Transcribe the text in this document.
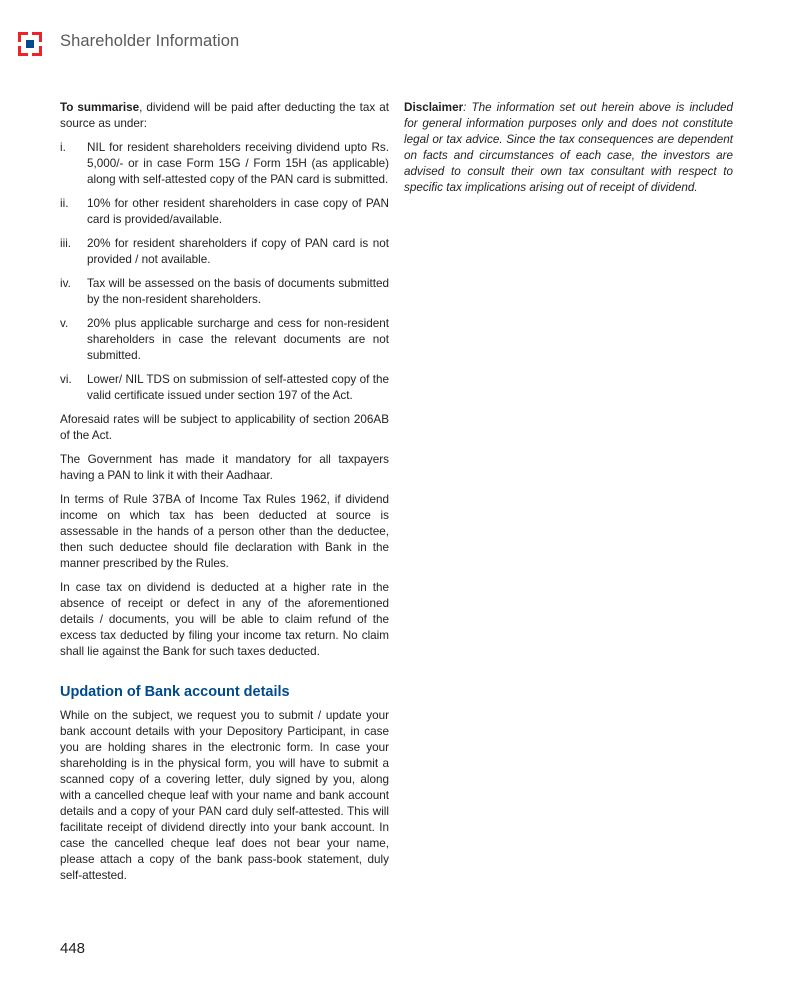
Shareholder Information

To summarise, dividend will be paid after deducting the tax at source as under:

i.	NIL for resident shareholders receiving dividend upto Rs. 5,000/- or in case Form 15G / Form 15H (as applicable) along with self-attested copy of the PAN card is submitted.
ii.	10% for other resident shareholders in case copy of PAN card is provided/available.
iii.	20% for resident shareholders if copy of PAN card is not provided / not available.
iv.	Tax will be assessed on the basis of documents submitted by the non-resident shareholders.
v.	20% plus applicable surcharge and cess for non-resident shareholders in case the relevant documents are not submitted.
vi.	Lower/ NIL TDS on submission of self-attested copy of the valid certificate issued under section 197 of the Act.

Aforesaid rates will be subject to applicability of section 206AB of the Act.

The Government has made it mandatory for all taxpayers having a PAN to link it with their Aadhaar.

In terms of Rule 37BA of Income Tax Rules 1962, if dividend income on which tax has been deducted at source is assessable in the hands of a person other than the deductee, then such deductee should file declaration with Bank in the manner prescribed by the Rules.

In case tax on dividend is deducted at a higher rate in the absence of receipt or defect in any of the aforementioned details / documents, you will be able to claim refund of the excess tax deducted by filing your income tax return. No claim shall lie against the Bank for such taxes deducted.

Updation of Bank account details

While on the subject, we request you to submit / update your bank account details with your Depository Participant, in case you are holding shares in the electronic form. In case your shareholding is in the physical form, you will have to submit a scanned copy of a covering letter, duly signed by you, along with a cancelled cheque leaf with your name and bank account details and a copy of your PAN card duly self-attested. This will facilitate receipt of dividend directly into your bank account. In case the cancelled cheque leaf does not bear your name, please attach a copy of the bank pass-book statement, duly self-attested.

Disclaimer: The information set out herein above is included for general information purposes only and does not constitute legal or tax advice. Since the tax consequences are dependent on facts and circumstances of each case, the investors are advised to consult their own tax consultant with respect to specific tax implications arising out of receipt of dividend.

448
